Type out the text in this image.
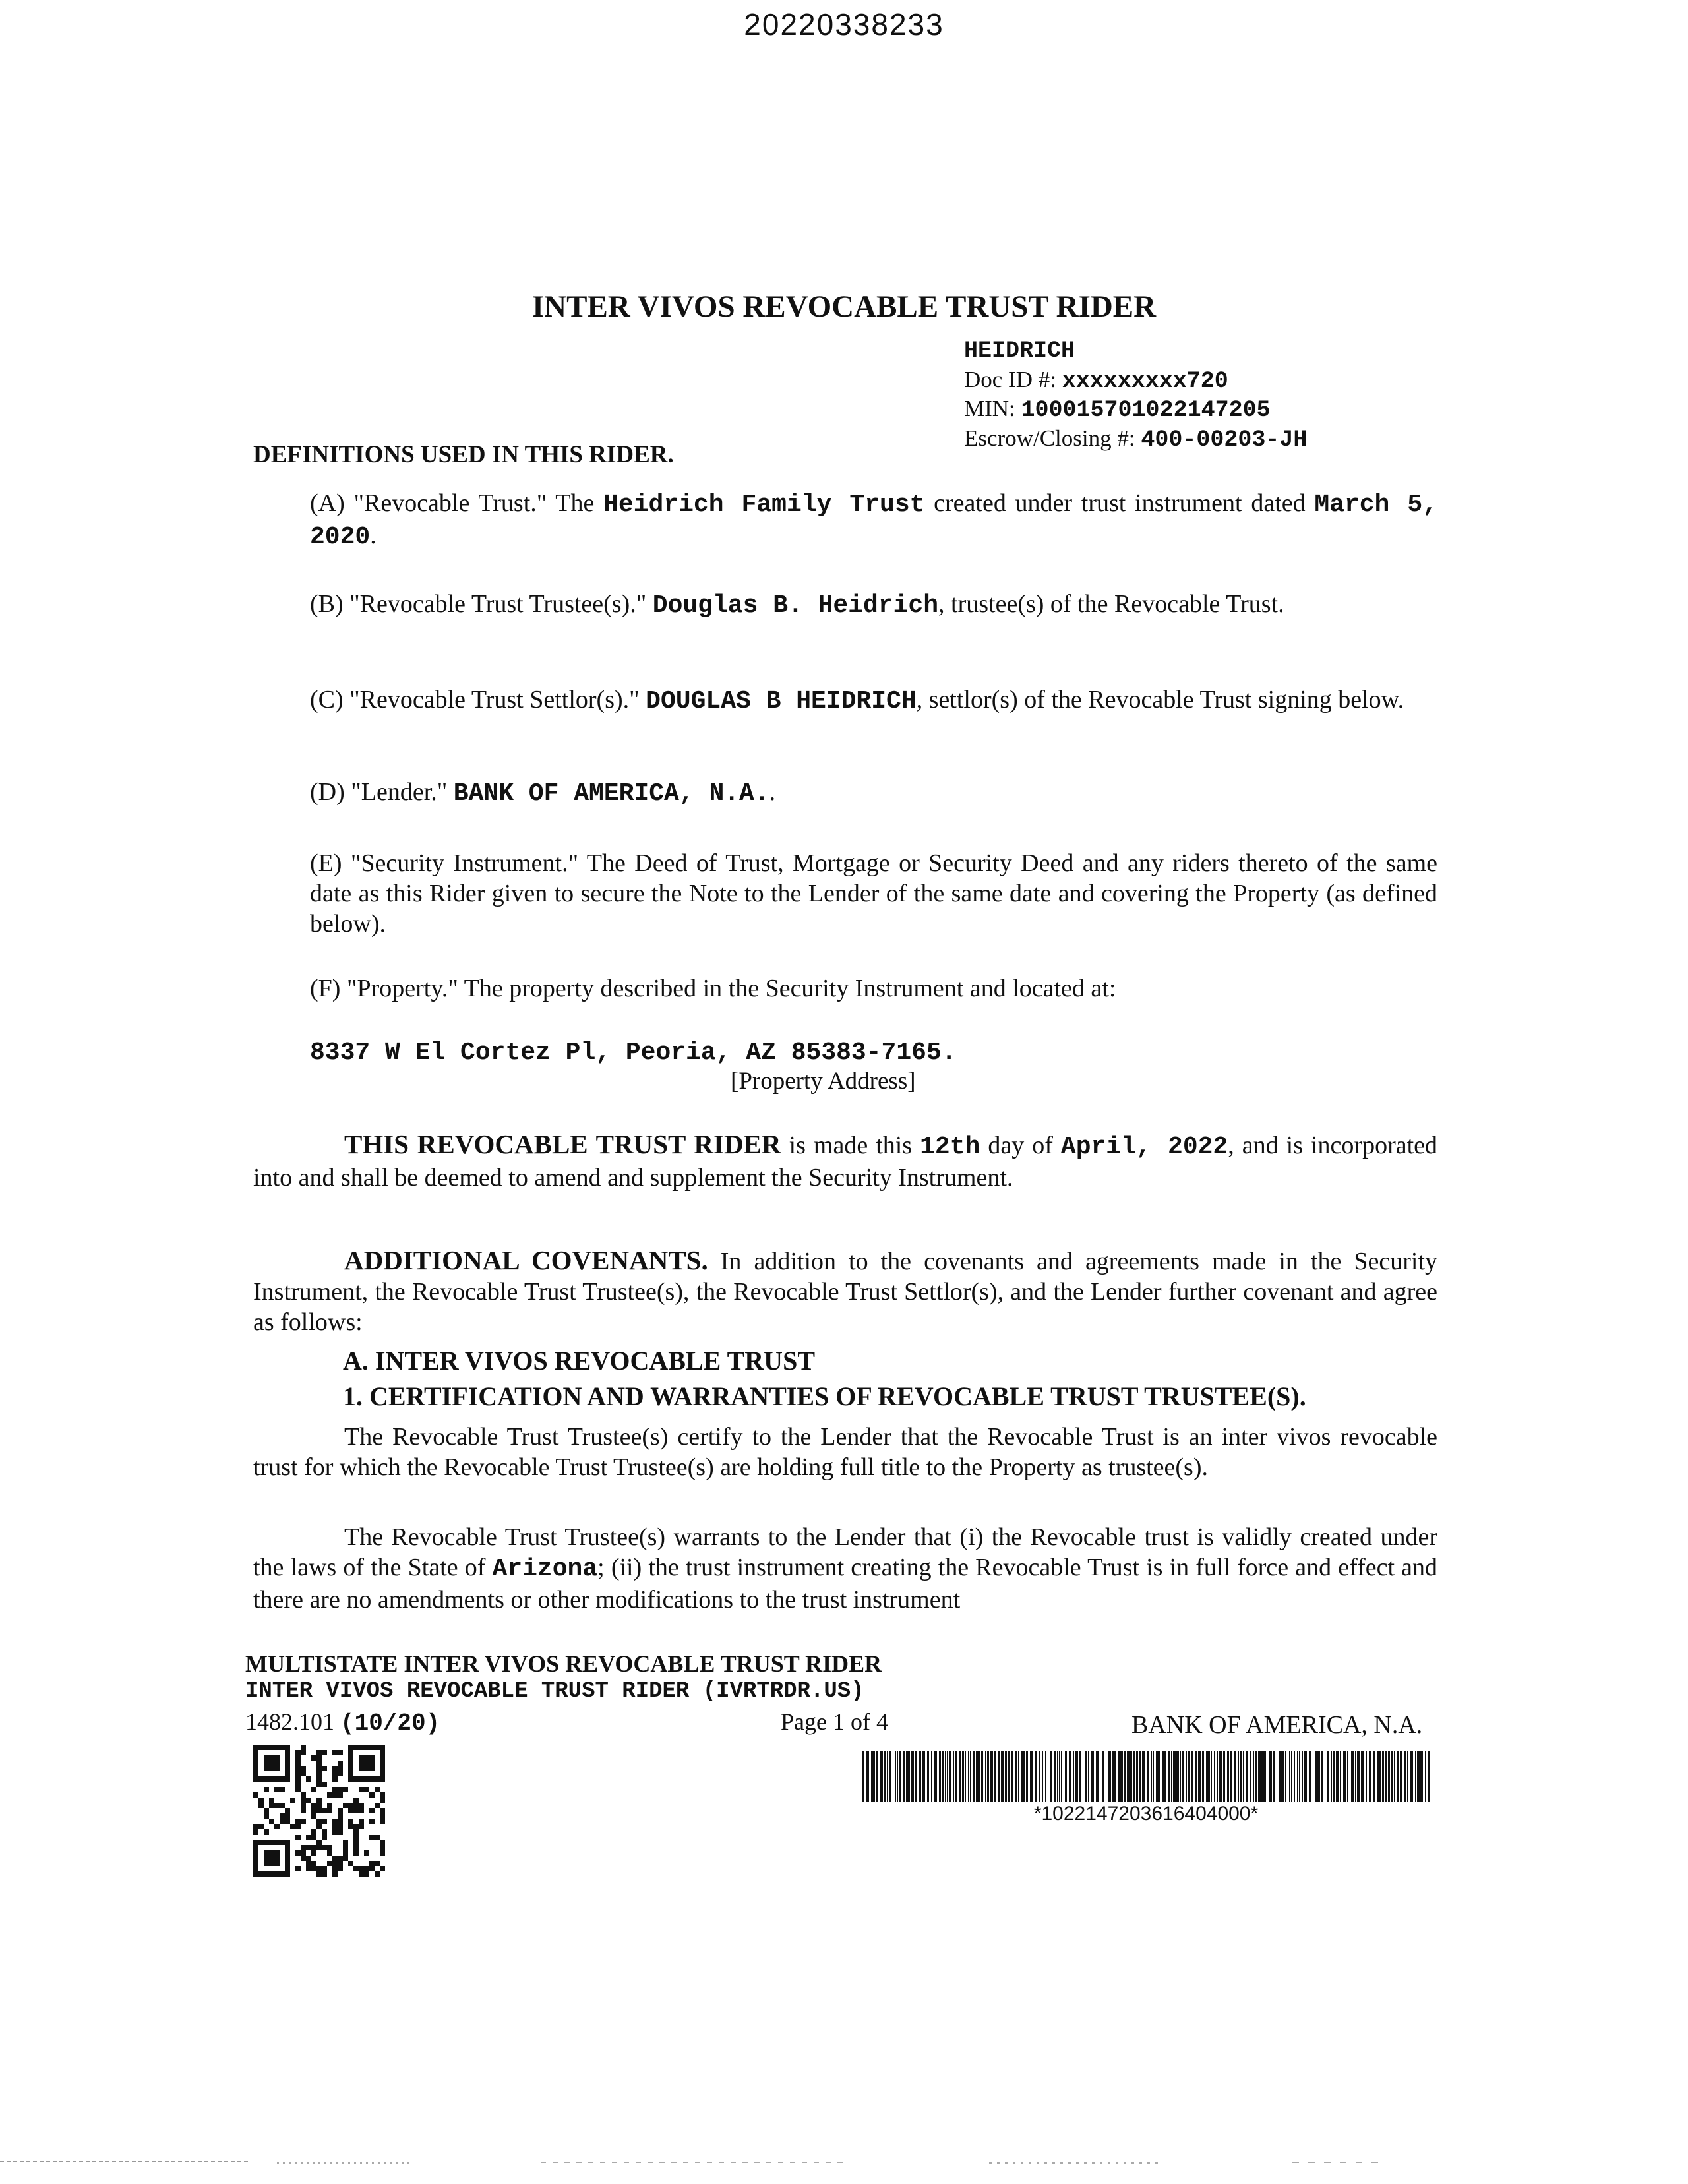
20220338233
INTER VIVOS REVOCABLE TRUST RIDER
HEIDRICH
Doc ID #: xxxxxxxxx720
MIN: 100015701022147205
Escrow/Closing #: 400-00203-JH
DEFINITIONS USED IN THIS RIDER.
(A) "Revocable Trust." The Heidrich Family Trust created under trust instrument dated March 5, 2020.
(B) "Revocable Trust Trustee(s)." Douglas B. Heidrich, trustee(s) of the Revocable Trust.
(C) "Revocable Trust Settlor(s)." DOUGLAS B HEIDRICH, settlor(s) of the Revocable Trust signing below.
(D) "Lender." BANK OF AMERICA, N.A..
(E) "Security Instrument." The Deed of Trust, Mortgage or Security Deed and any riders thereto of the same date as this Rider given to secure the Note to the Lender of the same date and covering the Property (as defined below).
(F) "Property." The property described in the Security Instrument and located at:
8337 W El Cortez Pl, Peoria, AZ 85383-7165.
[Property Address]
THIS REVOCABLE TRUST RIDER is made this 12th day of April, 2022, and is incorporated into and shall be deemed to amend and supplement the Security Instrument.
ADDITIONAL COVENANTS. In addition to the covenants and agreements made in the Security Instrument, the Revocable Trust Trustee(s), the Revocable Trust Settlor(s), and the Lender further covenant and agree as follows:
A. INTER VIVOS REVOCABLE TRUST
1. CERTIFICATION AND WARRANTIES OF REVOCABLE TRUST TRUSTEE(S).
The Revocable Trust Trustee(s) certify to the Lender that the Revocable Trust is an inter vivos revocable trust for which the Revocable Trust Trustee(s) are holding full title to the Property as trustee(s).
The Revocable Trust Trustee(s) warrants to the Lender that (i) the Revocable trust is validly created under the laws of the State of Arizona; (ii) the trust instrument creating the Revocable Trust is in full force and effect and there are no amendments or other modifications to the trust instrument
MULTISTATE INTER VIVOS REVOCABLE TRUST RIDER
INTER VIVOS REVOCABLE TRUST RIDER (IVRTRDR.US)
1482.101 (10/20)	Page 1 of 4	BANK OF AMERICA, N.A.
*1022147203616404000*
